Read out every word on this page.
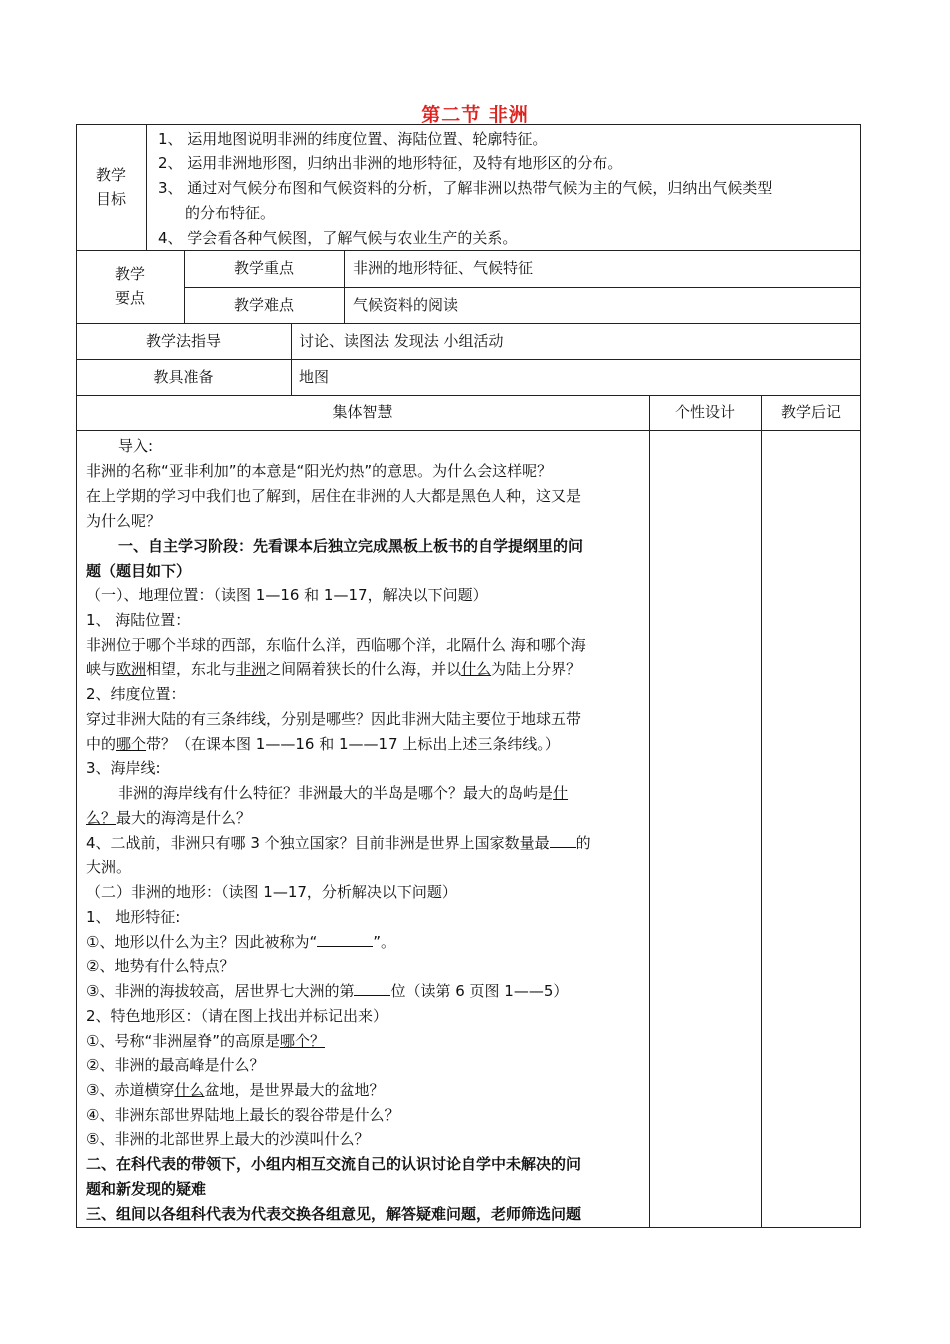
第二节 非洲
教学
目标
1、 运用地图说明非洲的纬度位置、海陆位置、轮廓特征。
2、 运用非洲地形图，归纳出非洲的地形特征，及特有地形区的分布。
3、 通过对气候分布图和气候资料的分析，了解非洲以热带气候为主的气候，归纳出气候类型
的分布特征。
4、 学会看各种气候图，了解气候与农业生产的关系。
教学
要点
教学重点	非洲的地形特征、气候特征
教学难点	气候资料的阅读
教学法指导	讨论、读图法 发现法 小组活动
教具准备	地图
集体智慧	个性设计	教学后记
导入:
非洲的名称“亚非利加”的本意是“阳光灼热”的意思。为什么会这样呢？
在上学期的学习中我们也了解到，居住在非洲的人大都是黑色人种，这又是
为什么呢？
一、自主学习阶段：先看课本后独立完成黑板上板书的自学提纲里的问
题（题目如下）
（一）、地理位置：（读图 1—16 和 1—17，解决以下问题）
1、 海陆位置：
非洲位于哪个半球的西部，东临什么洋，西临哪个洋，北隔什么 海和哪个海
峡与欧洲相望，东北与非洲之间隔着狭长的什么海，并以什么为陆上分界？
2、纬度位置：
穿过非洲大陆的有三条纬线，分别是哪些？因此非洲大陆主要位于地球五带
中的哪个带？（在课本图 1——16 和 1——17 上标出上述三条纬线。）
3、海岸线:
非洲的海岸线有什么特征？非洲最大的半岛是哪个？最大的岛屿是什
么？最大的海湾是什么？
4、二战前，非洲只有哪 3 个独立国家？目前非洲是世界上国家数量最 的
大洲。
（二）非洲的地形：（读图 1—17，分析解决以下问题）
1、 地形特征:
①、地形以什么为主？因此被称为“	”。
②、地势有什么特点？
③、非洲的海拔较高，居世界七大洲的第 位（读第 6 页图 1——5）
2、特色地形区：（请在图上找出并标记出来）
①、号称“非洲屋脊”的高原是哪个？
②、非洲的最高峰是什么？
③、赤道横穿什么盆地，是世界最大的盆地？
④、非洲东部世界陆地上最长的裂谷带是什么？
⑤、非洲的北部世界上最大的沙漠叫什么？
二、在科代表的带领下，小组内相互交流自己的认识讨论自学中未解决的问
题和新发现的疑难
三、组间以各组科代表为代表交换各组意见，解答疑难问题，老师筛选问题
